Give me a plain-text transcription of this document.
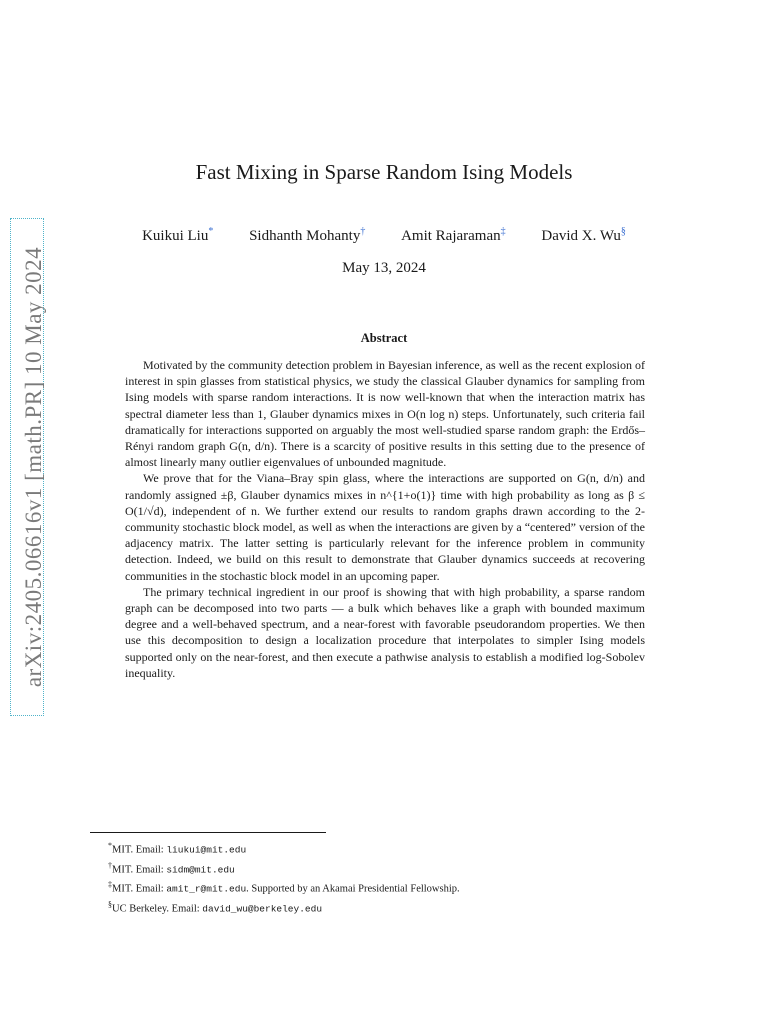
arXiv:2405.06616v1 [math.PR] 10 May 2024
Fast Mixing in Sparse Random Ising Models
Kuikui Liu* Sidhanth Mohanty† Amit Rajaraman‡ David X. Wu§
May 13, 2024
Abstract

Motivated by the community detection problem in Bayesian inference, as well as the recent explosion of interest in spin glasses from statistical physics, we study the classical Glauber dynamics for sampling from Ising models with sparse random interactions. It is now well-known that when the interaction matrix has spectral diameter less than 1, Glauber dynamics mixes in O(n log n) steps. Unfortunately, such criteria fail dramatically for interactions supported on arguably the most well-studied sparse random graph: the Erdős–Rényi random graph G(n, d/n). There is a scarcity of positive results in this setting due to the presence of almost linearly many outlier eigenvalues of unbounded magnitude.

We prove that for the Viana–Bray spin glass, where the interactions are supported on G(n, d/n) and randomly assigned ±β, Glauber dynamics mixes in n^{1+o(1)} time with high probability as long as β ≤ O(1/√d), independent of n. We further extend our results to random graphs drawn according to the 2-community stochastic block model, as well as when the interactions are given by a “centered” version of the adjacency matrix. The latter setting is particularly relevant for the inference problem in community detection. Indeed, we build on this result to demonstrate that Glauber dynamics succeeds at recovering communities in the stochastic block model in an upcoming paper.

The primary technical ingredient in our proof is showing that with high probability, a sparse random graph can be decomposed into two parts — a bulk which behaves like a graph with bounded maximum degree and a well-behaved spectrum, and a near-forest with favorable pseudorandom properties. We then use this decomposition to design a localization procedure that interpolates to simpler Ising models supported only on the near-forest, and then execute a pathwise analysis to establish a modified log-Sobolev inequality.

*MIT. Email: liukui@mit.edu
†MIT. Email: sidm@mit.edu
‡MIT. Email: amit_r@mit.edu. Supported by an Akamai Presidential Fellowship.
§UC Berkeley. Email: david_wu@berkeley.edu
